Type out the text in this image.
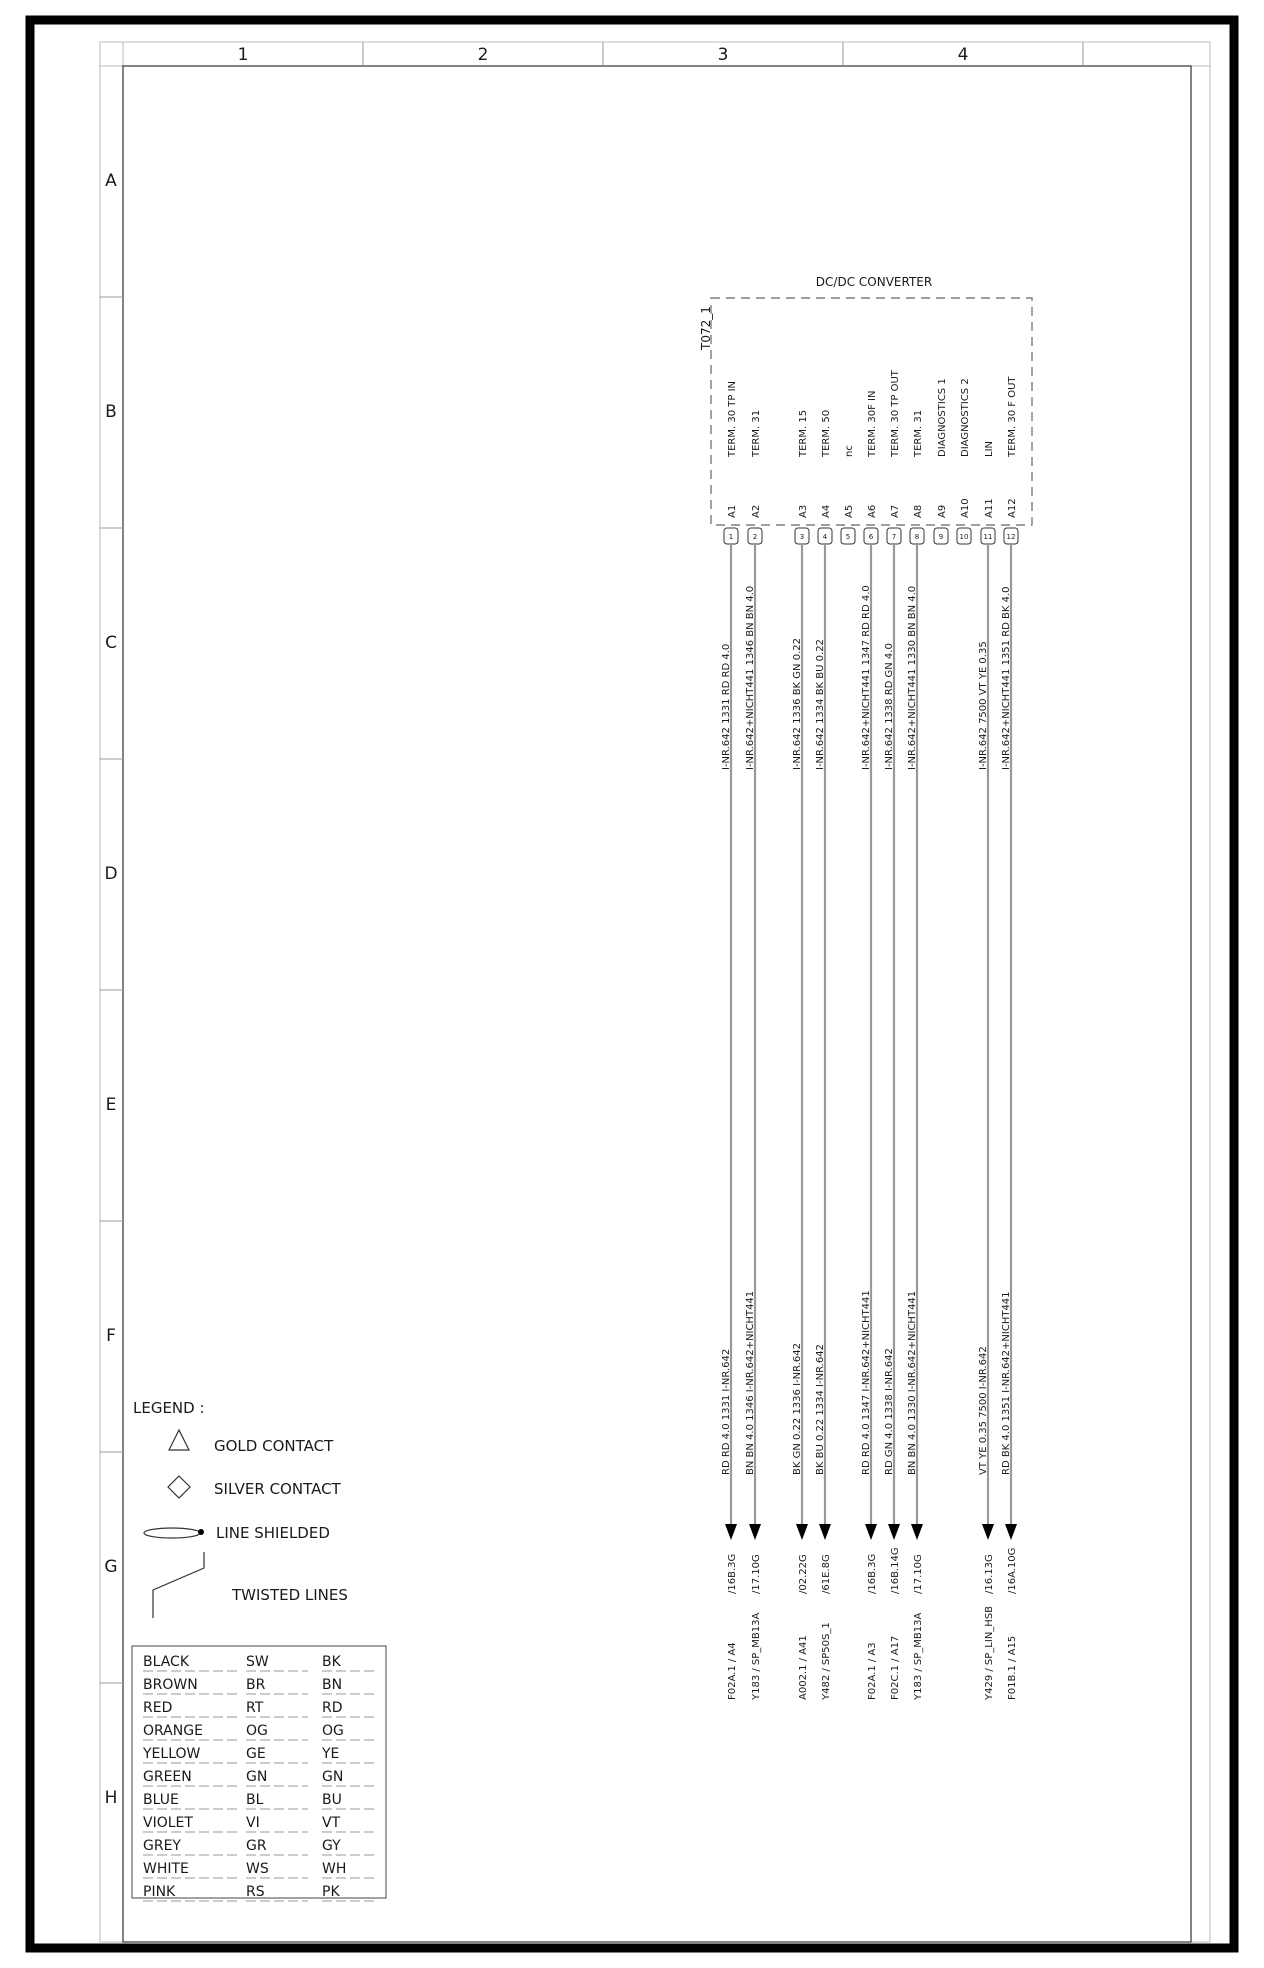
1	2	3	4
A
B
C
D
E
F
G
H
DC/DC CONVERTER
T072_1
TERM. 30 TP IN
A1
1
I-NR.642 1331 RD RD 4.0
RD RD 4.0 1331 I-NR.642
/16B.3G
F02A.1 / A4
TERM. 31
A2
2
I-NR.642+NICHT441 1346 BN BN 4.0
BN BN 4.0 1346 I-NR.642+NICHT441
/17.10G
Y183 / SP_MB13A
TERM. 15
A3
3
I-NR.642 1336 BK GN 0.22
BK GN 0.22 1336 I-NR.642
/02.22G
A002.1 / A41
TERM. 50
A4
4
I-NR.642 1334 BK BU 0.22
BK BU 0.22 1334 I-NR.642
/61E.8G
Y482 / SP50S_1
nc
A5
5
TERM. 30F IN
A6
6
I-NR.642+NICHT441 1347 RD RD 4.0
RD RD 4.0 1347 I-NR.642+NICHT441
/16B.3G
F02A.1 / A3
TERM. 30 TP OUT
A7
7
I-NR.642 1338 RD GN 4.0
RD GN 4.0 1338 I-NR.642
/16B.14G
F02C.1 / A17
TERM. 31
A8
8
I-NR.642+NICHT441 1330 BN BN 4.0
BN BN 4.0 1330 I-NR.642+NICHT441
/17.10G
Y183 / SP_MB13A
DIAGNOSTICS 1
A9
9
DIAGNOSTICS 2
A10
10
LIN
A11
11
I-NR.642 7500 VT YE 0.35
VT YE 0.35 7500 I-NR.642
/16.13G
Y429 / SP_LIN_HSB
TERM. 30 F OUT
A12
12
I-NR.642+NICHT441 1351 RD BK 4.0
RD BK 4.0 1351 I-NR.642+NICHT441
/16A.10G
F01B.1 / A15
LEGEND :
GOLD CONTACT
SILVER CONTACT
LINE SHIELDED
TWISTED LINES
BLACK	SW	BK
BROWN	BR	BN
RED	RT	RD
ORANGE	OG	OG
YELLOW	GE	YE
GREEN	GN	GN
BLUE	BL	BU
VIOLET	VI	VT
GREY	GR	GY
WHITE	WS	WH
PINK	RS	PK
